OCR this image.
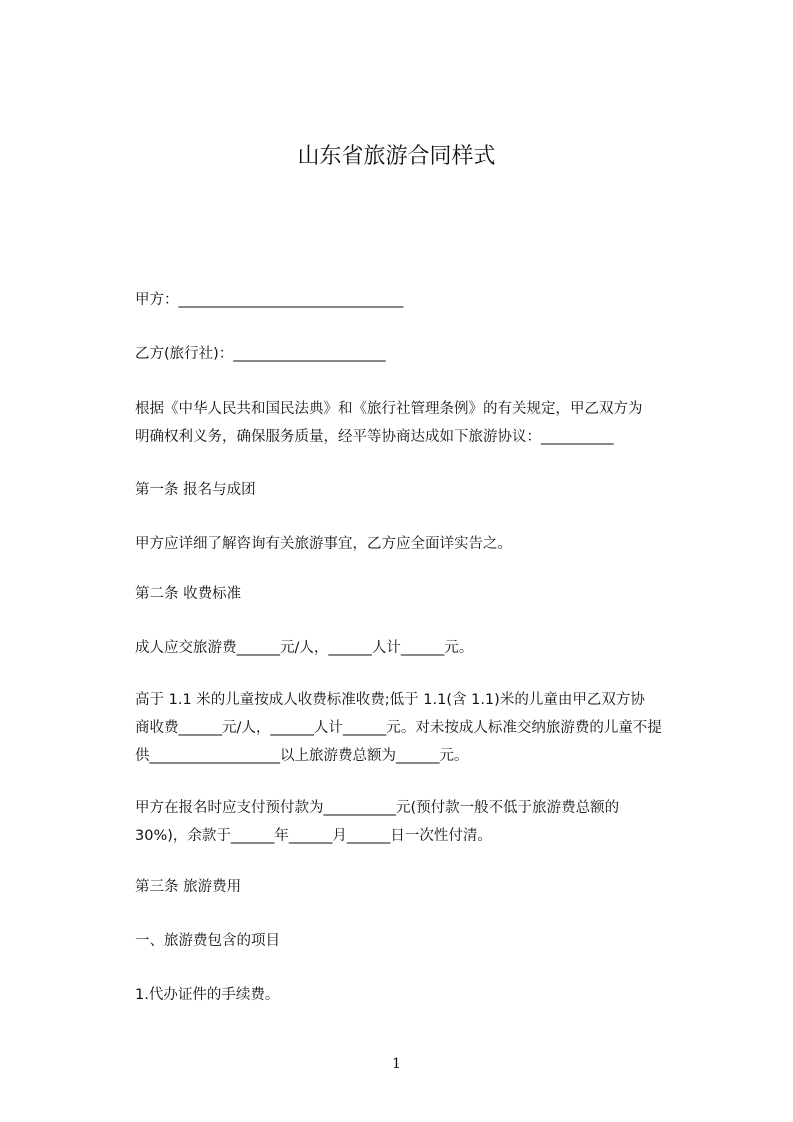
山东省旅游合同样式
甲方：_______________________________
乙方(旅行社)：_____________________
根据《中华人民共和国民法典》和《旅行社管理条例》的有关规定，甲乙双方为
明确权利义务，确保服务质量，经平等协商达成如下旅游协议：__________
第一条 报名与成团
甲方应详细了解咨询有关旅游事宜，乙方应全面详实告之。
第二条 收费标准
成人应交旅游费______元/人，______人计______元。
高于 1.1 米的儿童按成人收费标准收费;低于 1.1(含 1.1)米的儿童由甲乙双方协
商收费______元/人，______人计______元。对未按成人标准交纳旅游费的儿童不提
供__________________以上旅游费总额为______元。
甲方在报名时应支付预付款为__________元(预付款一般不低于旅游费总额的
30%)，余款于______年______月______日一次性付清。
第三条 旅游费用
一、旅游费包含的项目
1.代办证件的手续费。
1
